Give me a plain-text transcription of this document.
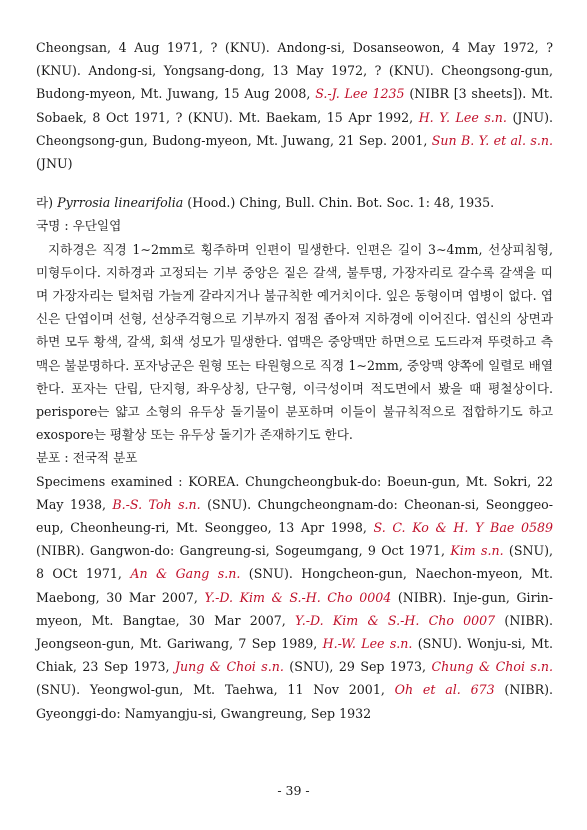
Cheongsan, 4 Aug 1971, ? (KNU). Andong-si, Dosanseowon, 4 May 1972, ? (KNU). Andong-si, Yongsang-dong, 13 May 1972, ? (KNU). Cheongsong-gun, Budong-myeon, Mt. Juwang, 15 Aug 2008, S.-J. Lee 1235 (NIBR [3 sheets]). Mt. Sobaek, 8 Oct 1971, ? (KNU). Mt. Baekam, 15 Apr 1992, H. Y. Lee s.n. (JNU). Cheongsong-gun, Budong-myeon, Mt. Juwang, 21 Sep. 2001, Sun B. Y. et al. s.n. (JNU)

라) Pyrrosia linearifolia (Hood.) Ching, Bull. Chin. Bot. Soc. 1: 48, 1935.

국명 : 우단일엽

지하경은 직경 1∼2mm로 횡주하며 인편이 밀생한다. 인편은 길이 3∼4mm, 선상피침형, 미형두이다. 지하경과 고정되는 기부 중앙은 짙은 갈색, 불투명, 가장자리로 갈수록 갈색을 띠며 가장자리는 털처럼 가늘게 갈라지거나 불규칙한 예거치이다. 잎은 동형이며 엽병이 없다. 엽신은 단엽이며 선형, 선상주걱형으로 기부까지 점점 좁아져 지하경에 이어진다. 엽신의 상면과 하면 모두 황색, 갈색, 회색 성모가 밀생한다. 엽맥은 중앙맥만 하면으로 도드라져 뚜렷하고 측맥은 불분명하다. 포자낭군은 원형 또는 타원형으로 직경 1∼2mm, 중앙맥 양쪽에 일렬로 배열한다. 포자는 단립, 단지형, 좌우상칭, 단구형, 이극성이며 적도면에서 봤을 때 평철상이다. perispore는 얇고 소형의 유두상 돌기물이 분포하며 이들이 불규칙적으로 접합하기도 하고 exospore는 평활상 또는 유두상 돌기가 존재하기도 한다.

분포 : 전국적 분포

Specimens examined : KOREA. Chungcheongbuk-do: Boeun-gun, Mt. Sokri, 22 May 1938, B.-S. Toh s.n. (SNU). Chungcheongnam-do: Cheonan-si, Seonggeo-eup, Cheonheung-ri, Mt. Seonggeo, 13 Apr 1998, S. C. Ko & H. Y Bae 0589 (NIBR). Gangwon-do: Gangreung-si, Sogeumgang, 9 Oct 1971, Kim s.n. (SNU), 8 OCt 1971, An & Gang s.n. (SNU). Hongcheon-gun, Naechon-myeon, Mt. Maebong, 30 Mar 2007, Y.-D. Kim & S.-H. Cho 0004 (NIBR). Inje-gun, Girin-myeon, Mt. Bangtae, 30 Mar 2007, Y.-D. Kim & S.-H. Cho 0007 (NIBR). Jeongseon-gun, Mt. Gariwang, 7 Sep 1989, H.-W. Lee s.n. (SNU). Wonju-si, Mt. Chiak, 23 Sep 1973, Jung & Choi s.n. (SNU), 29 Sep 1973, Chung & Choi s.n. (SNU). Yeongwol-gun, Mt. Taehwa, 11 Nov 2001, Oh et al. 673 (NIBR). Gyeonggi-do: Namyangju-si, Gwangreung, Sep 1932

- 39 -
